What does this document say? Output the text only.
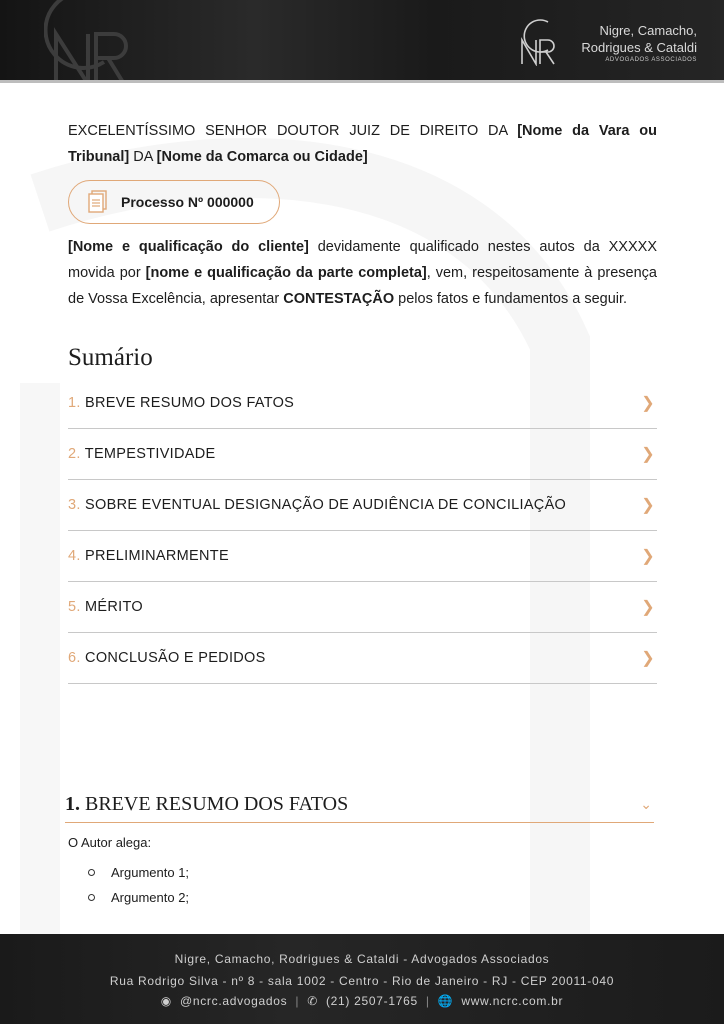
Nigre, Camacho,
Rodrigues & Cataldi
ADVOGADOS ASSOCIADOS

EXCELENTÍSSIMO SENHOR DOUTOR JUIZ DE DIREITO DA [Nome da Vara ou Tribunal] DA [Nome da Comarca ou Cidade]

Processo Nº 000000

[Nome e qualificação do cliente] devidamente qualificado nestes autos da XXXXX movida por [nome e qualificação da parte completa], vem, respeitosamente à presença de Vossa Excelência, apresentar CONTESTAÇÃO pelos fatos e fundamentos a seguir.

Sumário
1. BREVE RESUMO DOS FATOS	❯
2. TEMPESTIVIDADE	❯
3. SOBRE EVENTUAL DESIGNAÇÃO DE AUDIÊNCIA DE CONCILIAÇÃO	❯
4. PRELIMINARMENTE	❯
5. MÉRITO	❯
6. CONCLUSÃO E PEDIDOS	❯
1. BREVE RESUMO DOS FATOS	⌄
O Autor alega:
Argumento 1;
Argumento 2;
Nigre, Camacho, Rodrigues & Cataldi - Advogados Associados
Rua Rodrigo Silva - nº 8 - sala 1002 - Centro - Rio de Janeiro - RJ - CEP 20011-040
◉ @ncrc.advogados | ✆ (21) 2507-1765 | 🌐 www.ncrc.com.br
